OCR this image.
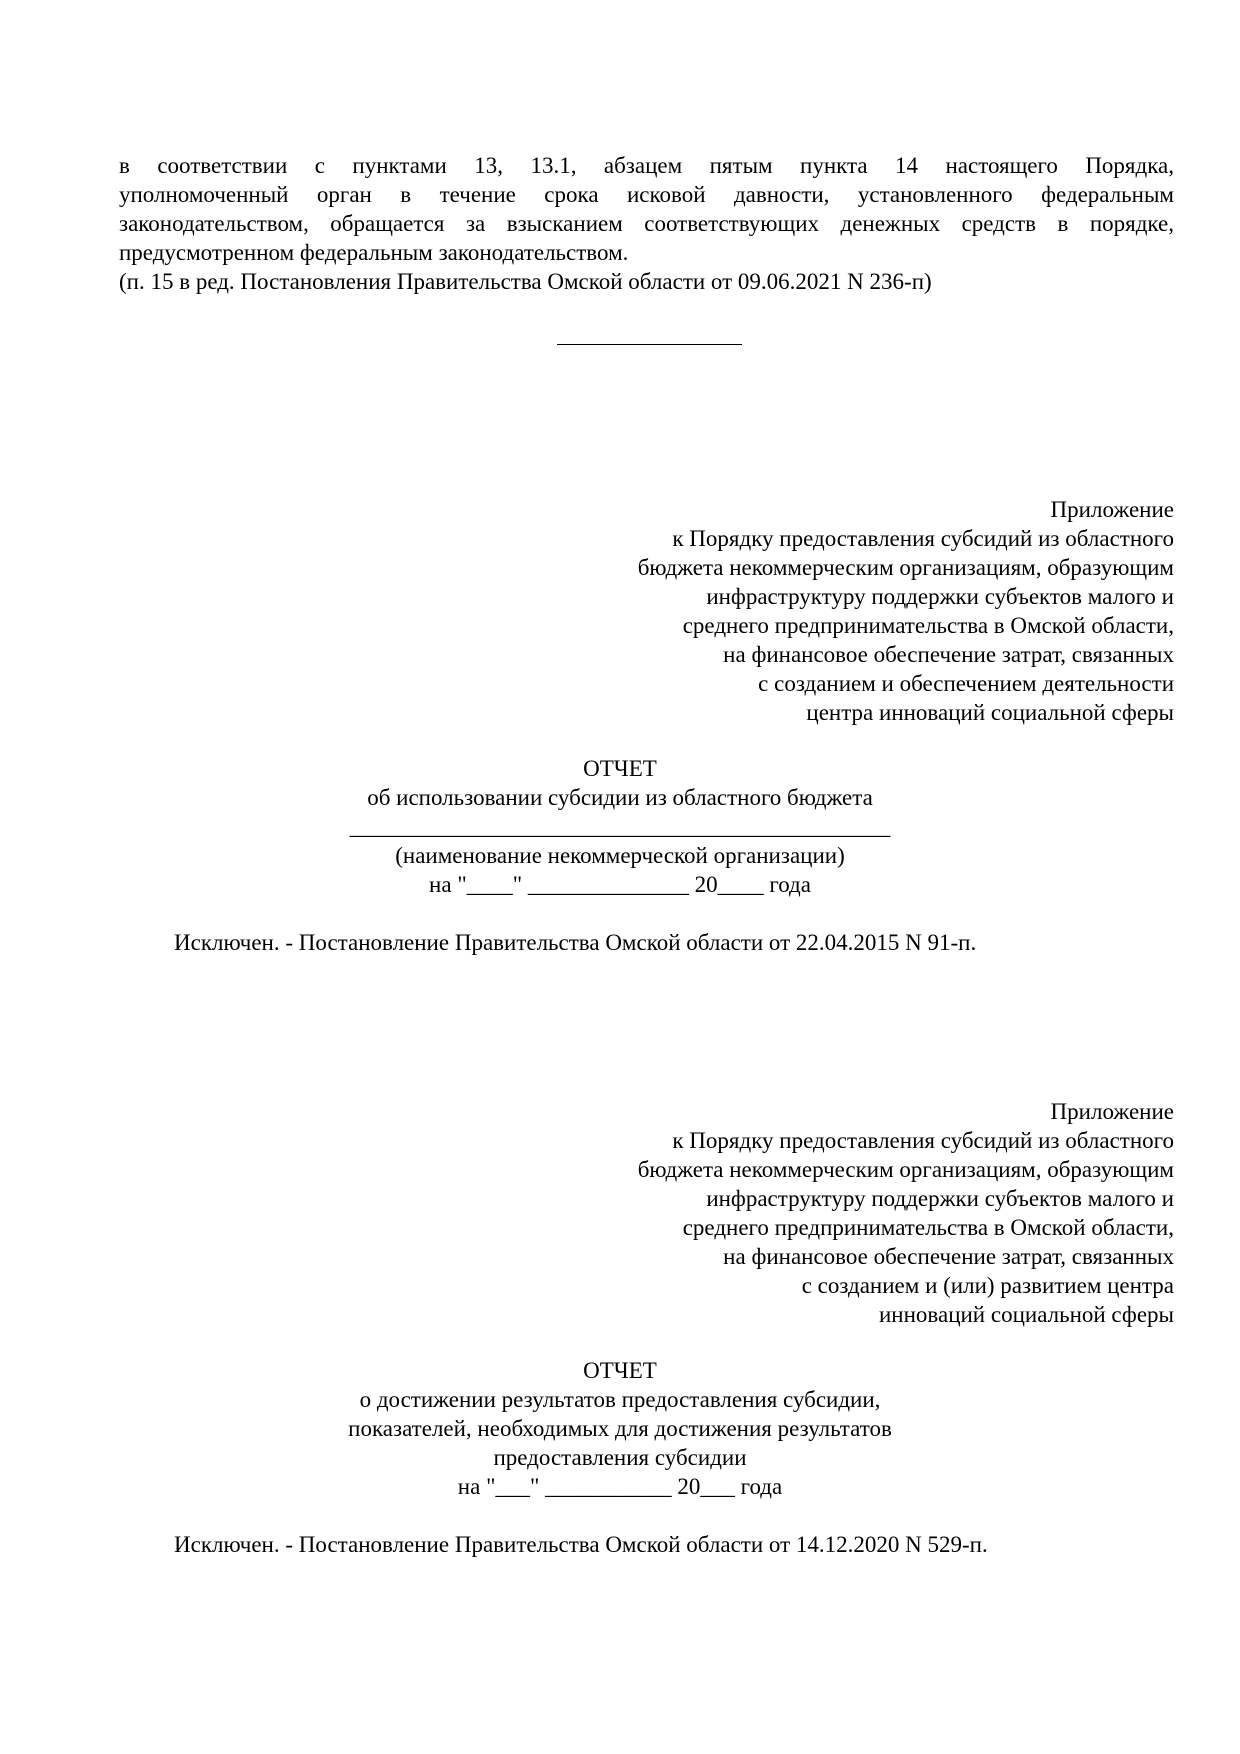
в соответствии с пунктами 13, 13.1, абзацем пятым пункта 14 настоящего Порядка,

уполномоченный орган в течение срока исковой давности, установленного федеральным

законодательством, обращается за взысканием соответствующих денежных средств в порядке,

предусмотренном федеральным законодательством.

(п. 15 в ред. Постановления Правительства Омской области от 09.06.2021 N 236-п)

Приложение

к Порядку предоставления субсидий из областного

бюджета некоммерческим организациям, образующим

инфраструктуру поддержки субъектов малого и

среднего предпринимательства в Омской области,

на финансовое обеспечение затрат, связанных

с созданием и обеспечением деятельности

центра инноваций социальной сферы

ОТЧЕТ

об использовании субсидии из областного бюджета

_______________________________________________

(наименование некоммерческой организации)

на "____" ______________ 20____ года

Исключен. - Постановление Правительства Омской области от 22.04.2015 N 91-п.

Приложение

к Порядку предоставления субсидий из областного

бюджета некоммерческим организациям, образующим

инфраструктуру поддержки субъектов малого и

среднего предпринимательства в Омской области,

на финансовое обеспечение затрат, связанных

с созданием и (или) развитием центра

инноваций социальной сферы

ОТЧЕТ

о достижении результатов предоставления субсидии,

показателей, необходимых для достижения результатов

предоставления субсидии

на "___" ___________ 20___ года

Исключен. - Постановление Правительства Омской области от 14.12.2020 N 529-п.
